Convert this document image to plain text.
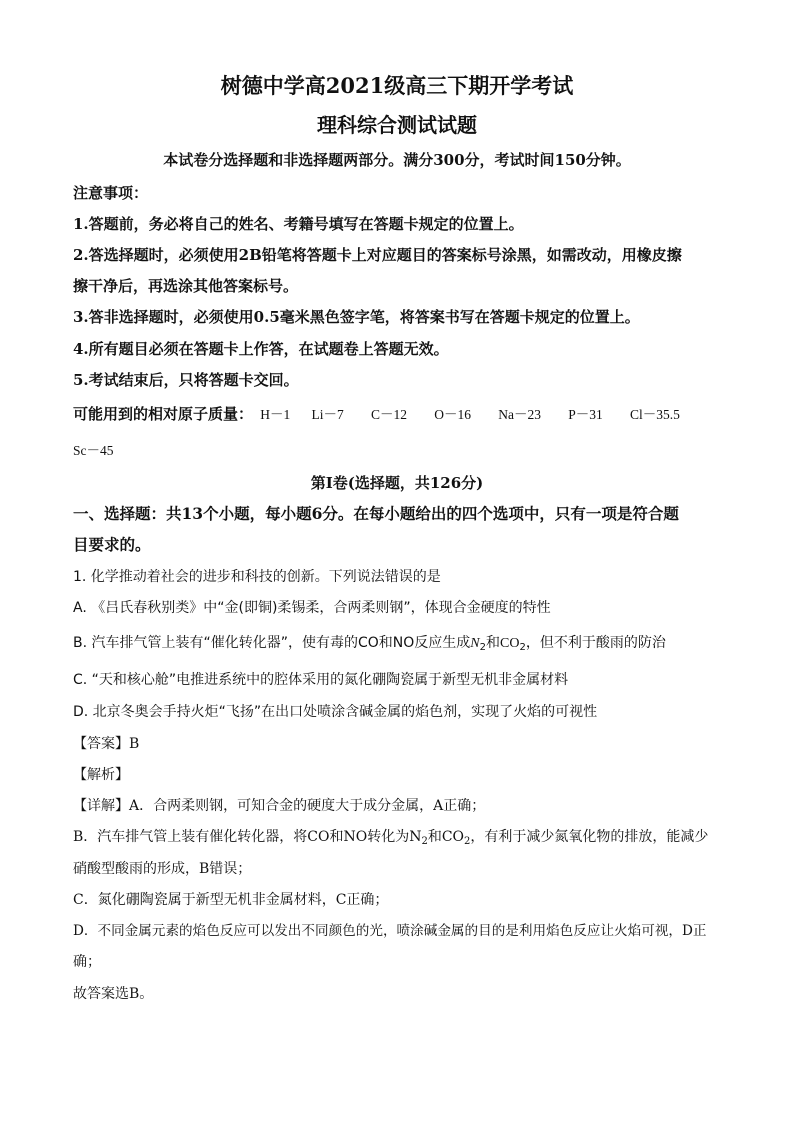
树德中学高2021级高三下期开学考试
理科综合测试试题
本试卷分选择题和非选择题两部分。满分300分，考试时间150分钟。
注意事项：
1.答题前，务必将自己的姓名、考籍号填写在答题卡规定的位置上。
2.答选择题时，必须使用2B铅笔将答题卡上对应题目的答案标号涂黑，如需改动，用橡皮擦
擦干净后，再选涂其他答案标号。
3.答非选择题时，必须使用0.5毫米黑色签字笔，将答案书写在答题卡规定的位置上。
4.所有题目必须在答题卡上作答，在试题卷上答题无效。
5.考试结束后，只将答题卡交回。
可能用到的相对原子质量： H－1 Li－7 C－12 O－16 Na－23 P－31 Cl－35.5
Sc－45
第Ⅰ卷(选择题，共126分)
一、选择题：共13个小题，每小题6分。在每小题给出的四个选项中，只有一项是符合题
目要求的。
1. 化学推动着社会的进步和科技的创新。下列说法错误的是
A. 《吕氏春秋别类》中“金(即铜)柔锡柔，合两柔则钢”，体现合金硬度的特性
B. 汽车排气管上装有“催化转化器”，使有毒的CO和NO反应生成$N_2$和$CO_2$，但不利于酸雨的防治
C. “天和核心舱”电推进系统中的腔体采用的氮化硼陶瓷属于新型无机非金属材料
D. 北京冬奥会手持火炬“飞扬”在出口处喷涂含碱金属的焰色剂，实现了火焰的可视性
【答案】B
【解析】
【详解】A．合两柔则钢，可知合金的硬度大于成分金属，A正确；
B．汽车排气管上装有催化转化器，将CO和NO转化为$N_2$和$CO_2$，有利于减少氮氧化物的排放，能减少
硝酸型酸雨的形成，B错误；
C．氮化硼陶瓷属于新型无机非金属材料，C正确；
D．不同金属元素的焰色反应可以发出不同颜色的光，喷涂碱金属的目的是利用焰色反应让火焰可视，D正
确；
故答案选B。
